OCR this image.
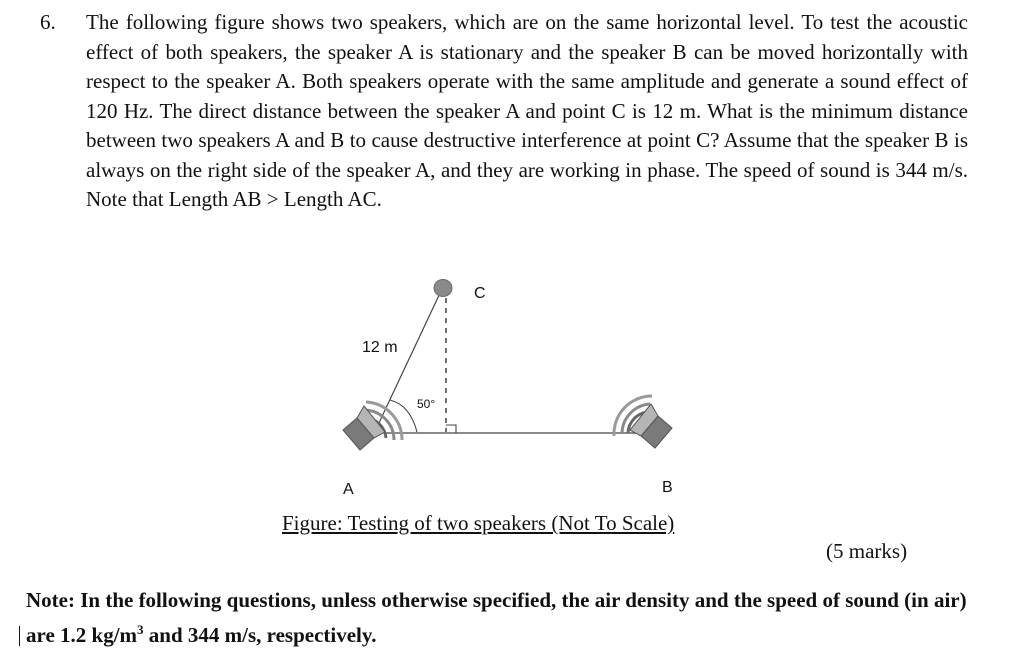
6. The following figure shows two speakers, which are on the same horizontal level. To test the acoustic effect of both speakers, the speaker A is stationary and the speaker B can be moved horizontally with respect to the speaker A. Both speakers operate with the same amplitude and generate a sound effect of 120 Hz. The direct distance between the speaker A and point C is 12 m. What is the minimum distance between two speakers A and B to cause destructive interference at point C? Assume that the speaker B is always on the right side of the speaker A, and they are working in phase. The speed of sound is 344 m/s. Note that Length AB > Length AC.
C
12 m
50°
A	B
Figure: Testing of two speakers (Not To Scale)
(5 marks)
Note: In the following questions, unless otherwise specified, the air density and the speed of sound (in air) are 1.2 $kg/m^3$ and 344 m/s, respectively.
